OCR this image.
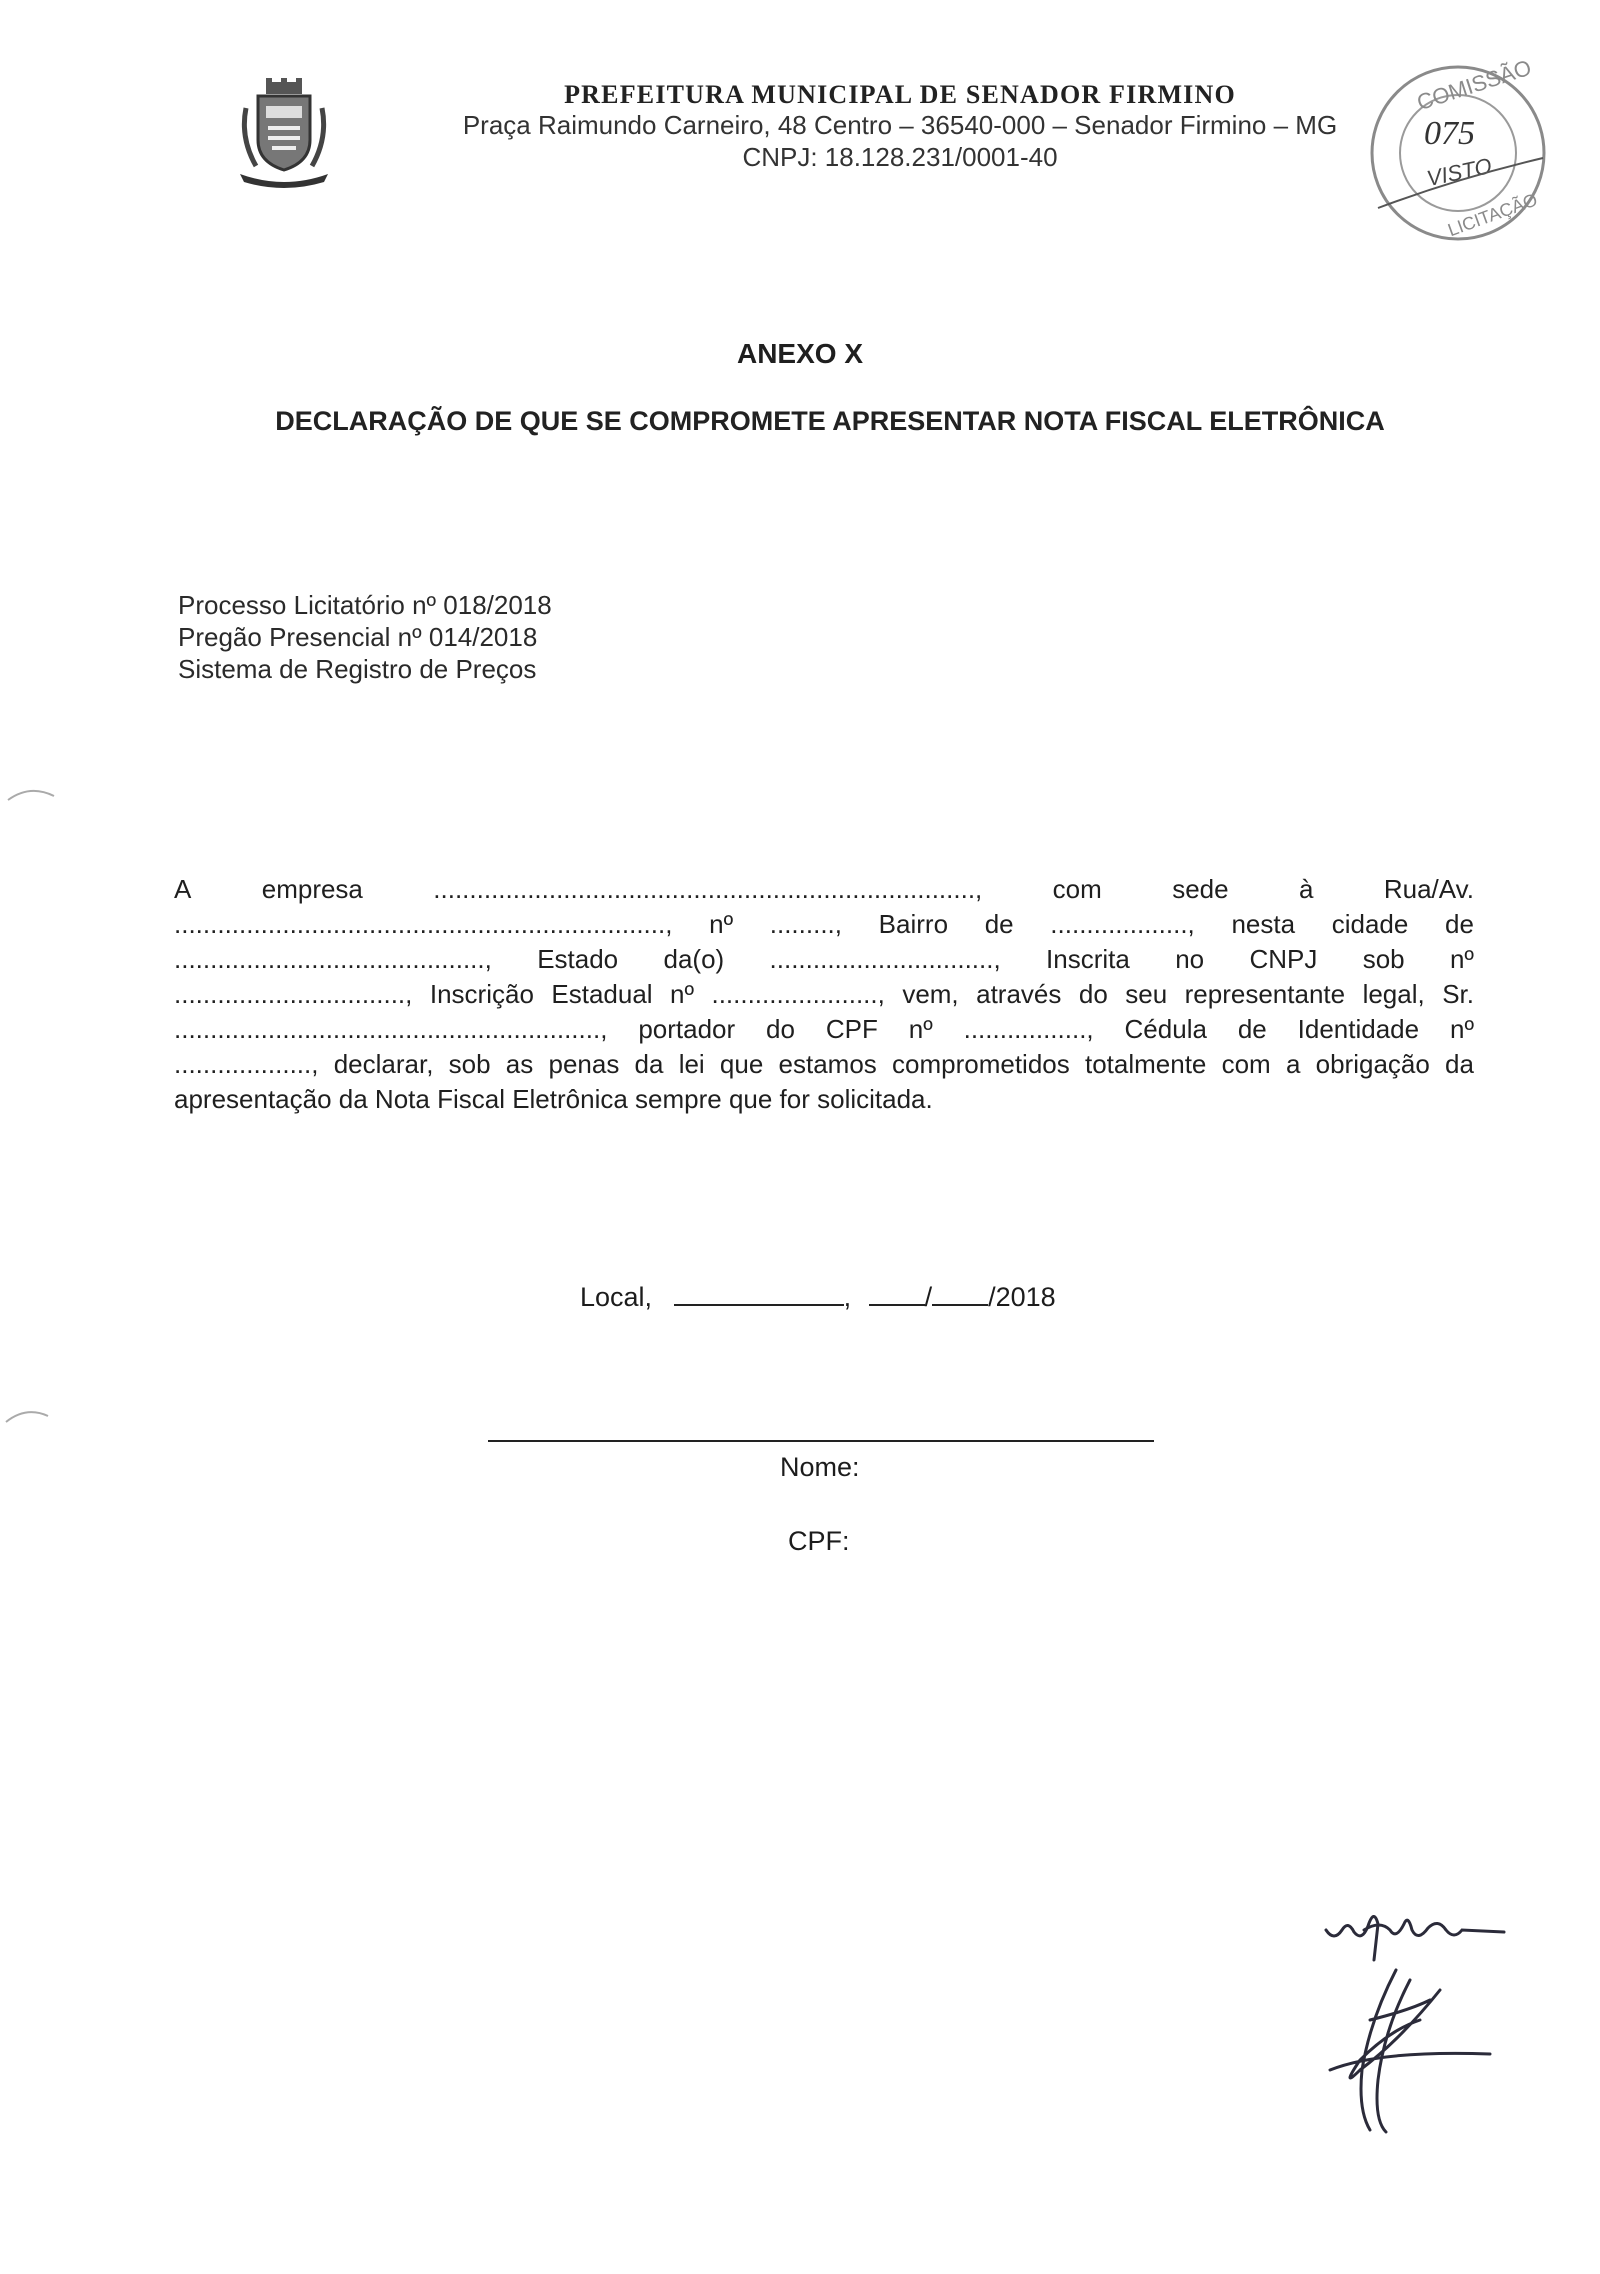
PREFEITURA MUNICIPAL DE SENADOR FIRMINO
Praça Raimundo Carneiro, 48 Centro – 36540-000 – Senador Firmino – MG
CNPJ: 18.128.231/0001-40
COMISSÃO
075
VISTO
LICITAÇÃO
ANEXO X
DECLARAÇÃO DE QUE SE COMPROMETE APRESENTAR NOTA FISCAL ELETRÔNICA
Processo Licitatório nº 018/2018
Pregão Presencial nº 014/2018
Sistema de Registro de Preços
A	empresa	...........................................................................,	com	sede	à	Rua/Av.
...................................................................., nº ........., Bairro de ..................., nesta cidade de
..........................................., Estado da(o) ..............................., Inscrita no CNPJ sob nº
................................, Inscrição Estadual nº ......................., vem, através do seu representante legal, Sr.
..........................................................., portador do CPF nº ................., Cédula de Identidade nº
..................., declarar, sob as penas da lei que estamos comprometidos totalmente com a obrigação da
apresentação da Nota Fiscal Eletrônica sempre que for solicitada.
Local,	,	/ /2018
Nome:
CPF:
